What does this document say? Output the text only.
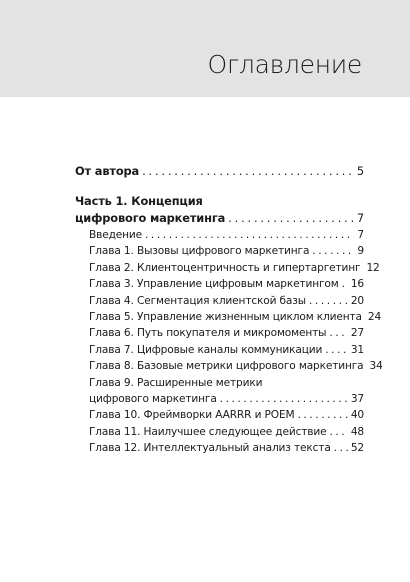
Оглавление
От автора . . .	5
Часть 1. Концепция
цифрового маркетинга . . .	7
Введение . . .	7
Глава 1. Вызовы цифрового маркетинга . . .	9
Глава 2. Клиентоцентричность и гипертаргетинг 12
Глава 3. Управление цифровым маркетингом . . . 16
Глава 4. Сегментация клиентской базы . . .	20
Глава 5. Управление жизненным циклом клиента 24
Глава 6. Путь покупателя и микромоменты . . . 27
Глава 7. Цифровые каналы коммуникации . . .	31
Глава 8. Базовые метрики цифрового маркетинга 34
Глава 9. Расширенные метрики
цифрового маркетинга . . .	37
Глава 10. Фреймворки AARRR и POEM . . .	40
Глава 11. Наилучшее следующее действие . . . 48
Глава 12. Интеллектуальный анализ текста . . . 52
